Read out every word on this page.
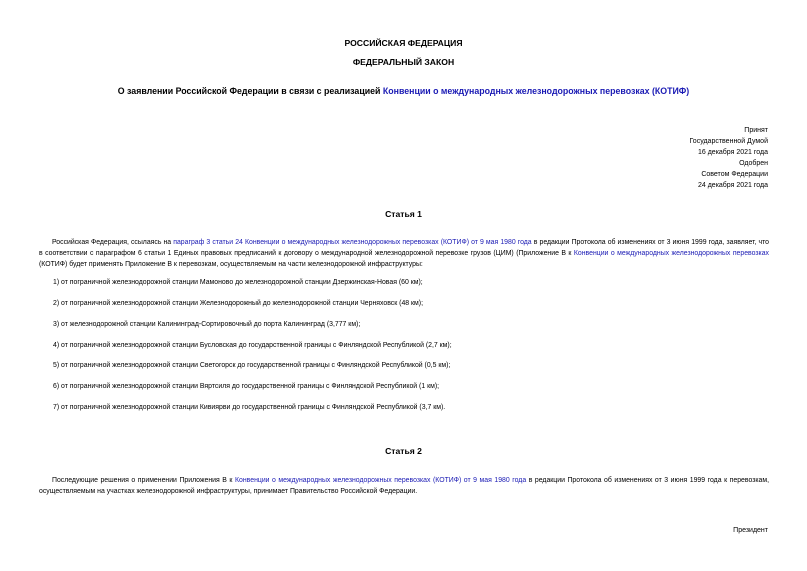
РОССИЙСКАЯ ФЕДЕРАЦИЯ
ФЕДЕРАЛЬНЫЙ ЗАКОН
О заявлении Российской Федерации в связи с реализацией Конвенции о международных железнодорожных перевозках (КОТИФ)
Принят
Государственной Думой
16 декабря 2021 года
Одобрен
Советом Федерации
24 декабря 2021 года
Статья 1
Российская Федерация, ссылаясь на параграф 3 статьи 24 Конвенции о международных железнодорожных перевозках (КОТИФ) от 9 мая 1980 года в редакции Протокола об изменениях от 3 июня 1999 года, заявляет, что в соответствии с параграфом 6 статьи 1 Единых правовых предписаний к договору о международной железнодорожной перевозке грузов (ЦИМ) (Приложение В к Конвенции о международных железнодорожных перевозках (КОТИФ) будет применять Приложение В к перевозкам, осуществляемым на части железнодорожной инфраструктуры:
1) от пограничной железнодорожной станции Мамоново до железнодорожной станции Дзержинская-Новая (60 км);
2) от пограничной железнодорожной станции Железнодорожный до железнодорожной станции Черняховск (48 км);
3) от железнодорожной станции Калининград-Сортировочный до порта Калининград (3,777 км);
4) от пограничной железнодорожной станции Бусловская до государственной границы с Финляндской Республикой (2,7 км);
5) от пограничной железнодорожной станции Светогорск до государственной границы с Финляндской Республикой (0,5 км);
6) от пограничной железнодорожной станции Вяртсиля до государственной границы с Финляндской Республикой (1 км);
7) от пограничной железнодорожной станции Кивиярви до государственной границы с Финляндской Республикой (3,7 км).
Статья 2
Последующие решения о применении Приложения В к Конвенции о международных железнодорожных перевозках (КОТИФ) от 9 мая 1980 года в редакции Протокола об изменениях от 3 июня 1999 года к перевозкам, осуществляемым на участках железнодорожной инфраструктуры, принимает Правительство Российской Федерации.
Президент
